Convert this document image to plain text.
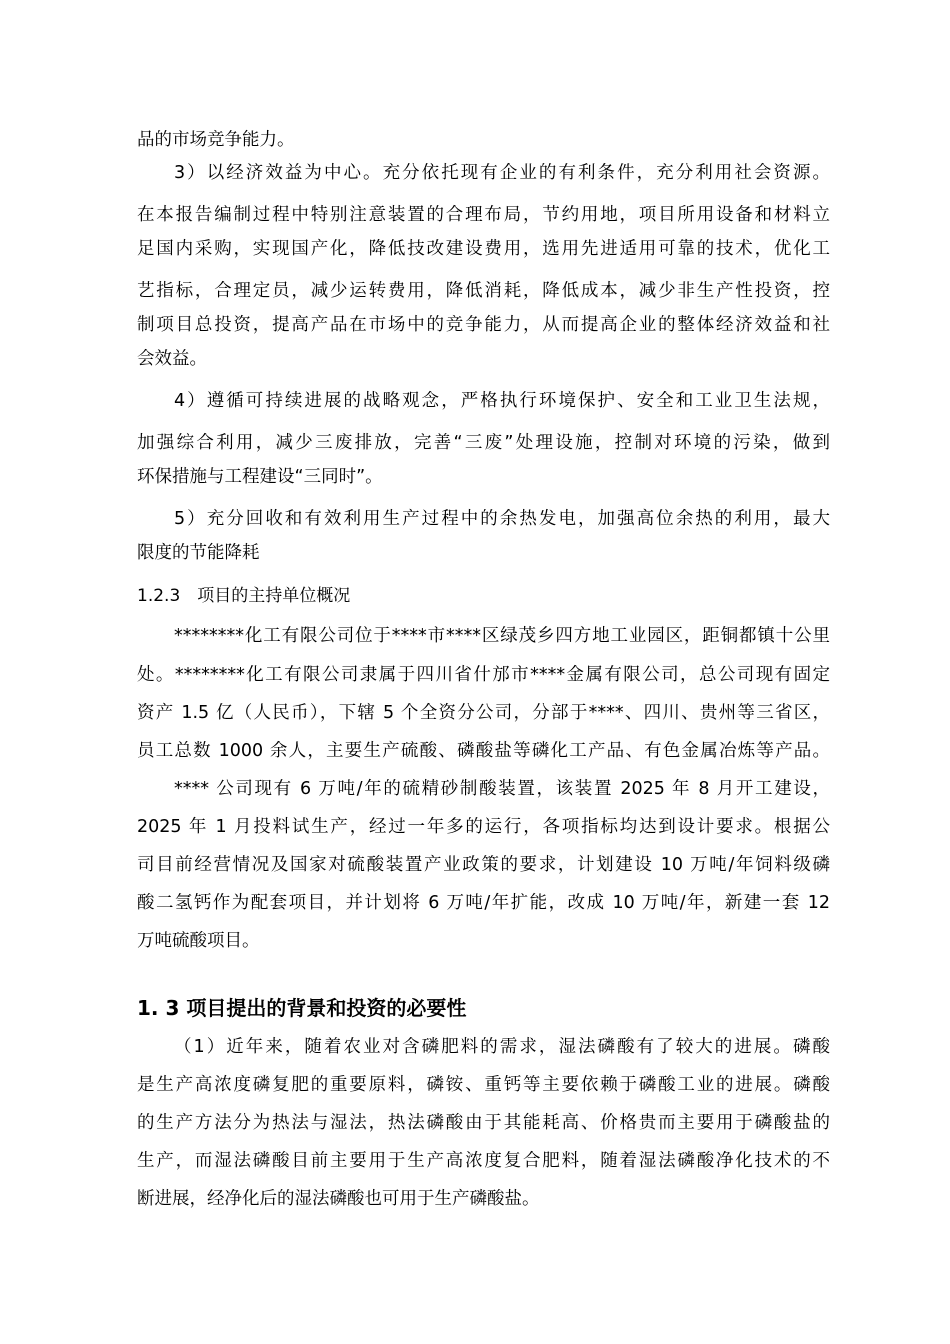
品的市场竞争能力。
3）以经济效益为中心。充分依托现有企业的有利条件，充分利用社会资源。
在本报告编制过程中特别注意装置的合理布局，节约用地，项目所用设备和材料立
足国内采购，实现国产化，降低技改建设费用，选用先进适用可靠的技术，优化工
艺指标，合理定员，减少运转费用，降低消耗，降低成本，减少非生产性投资，控
制项目总投资，提高产品在市场中的竞争能力，从而提高企业的整体经济效益和社
会效益。
4）遵循可持续进展的战略观念，严格执行环境保护、安全和工业卫生法规，
加强综合利用，减少三废排放，完善“三废”处理设施，控制对环境的污染，做到
环保措施与工程建设“三同时”。
5）充分回收和有效利用生产过程中的余热发电，加强高位余热的利用，最大
限度的节能降耗
1.2.3　项目的主持单位概况
********化工有限公司位于****市****区绿茂乡四方地工业园区，距铜都镇十公里
处。********化工有限公司隶属于四川省什邡市****金属有限公司，总公司现有固定
资产 1.5 亿（人民币），下辖 5 个全资分公司，分部于****、四川、贵州等三省区，
员工总数 1000 余人，主要生产硫酸、磷酸盐等磷化工产品、有色金属冶炼等产品。
**** 公司现有 6 万吨/年的硫精砂制酸装置，该装置 2025 年 8 月开工建设，
2025 年 1 月投料试生产，经过一年多的运行，各项指标均达到设计要求。根据公
司目前经营情况及国家对硫酸装置产业政策的要求，计划建设 10 万吨/年饲料级磷
酸二氢钙作为配套项目，并计划将 6 万吨/年扩能，改成 10 万吨/年，新建一套 12
万吨硫酸项目。
1. 3 项目提出的背景和投资的必要性
（1）近年来，随着农业对含磷肥料的需求，湿法磷酸有了较大的进展。磷酸
是生产高浓度磷复肥的重要原料，磷铵、重钙等主要依赖于磷酸工业的进展。磷酸
的生产方法分为热法与湿法，热法磷酸由于其能耗高、价格贵而主要用于磷酸盐的
生产，而湿法磷酸目前主要用于生产高浓度复合肥料，随着湿法磷酸净化技术的不
断进展，经净化后的湿法磷酸也可用于生产磷酸盐。
